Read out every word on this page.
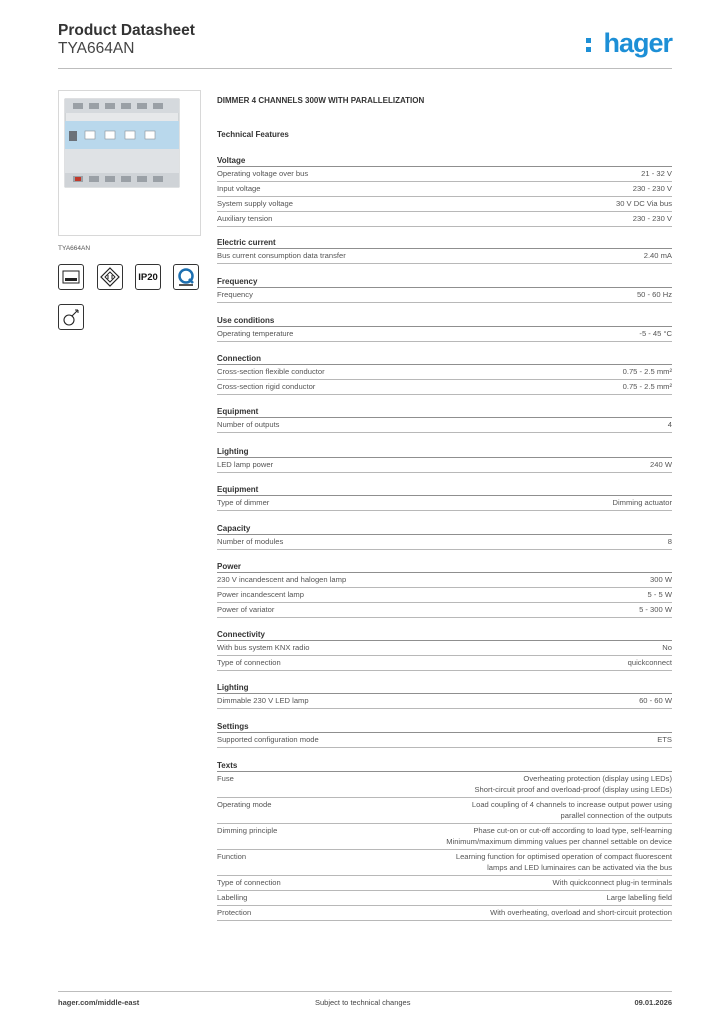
Product Datasheet
TYA664AN	hager
TYA664AN
IP20
DIMMER 4 CHANNELS 300W WITH PARALLELIZATION
Technical Features
Voltage
Operating voltage over bus	21 - 32 V
Input voltage	230 - 230 V
System supply voltage	30 V DC Via bus
Auxiliary tension	230 - 230 V
Electric current
Bus current consumption data transfer	2.40 mA
Frequency
Frequency	50 - 60 Hz
Use conditions
Operating temperature	-5 - 45 °C
Connection
Cross-section flexible conductor	0.75 - 2.5 mm²
Cross-section rigid conductor	0.75 - 2.5 mm²
Equipment
Number of outputs	4
Lighting
LED lamp power	240 W
Equipment
Type of dimmer	Dimming actuator
Capacity
Number of modules	8
Power
230 V incandescent and halogen lamp	300 W
Power incandescent lamp	5 - 5 W
Power of variator	5 - 300 W
Connectivity
With bus system KNX radio	No
Type of connection	quickconnect
Lighting
Dimmable 230 V LED lamp	60 - 60 W
Settings
Supported configuration mode	ETS
Texts
Fuse	Overheating protection (display using LEDs)
Short-circuit proof and overload-proof (display using LEDs)
Operating mode	Load coupling of 4 channels to increase output power using
parallel connection of the outputs
Dimming principle	Phase cut-on or cut-off according to load type, self-learning
Minimum/maximum dimming values per channel settable on device
Function	Learning function for optimised operation of compact fluorescent
lamps and LED luminaires can be activated via the bus
Type of connection	With quickconnect plug-in terminals
Labelling	Large labelling field
Protection	With overheating, overload and short-circuit protection
hager.com/middle-east	Subject to technical changes	09.01.2026
